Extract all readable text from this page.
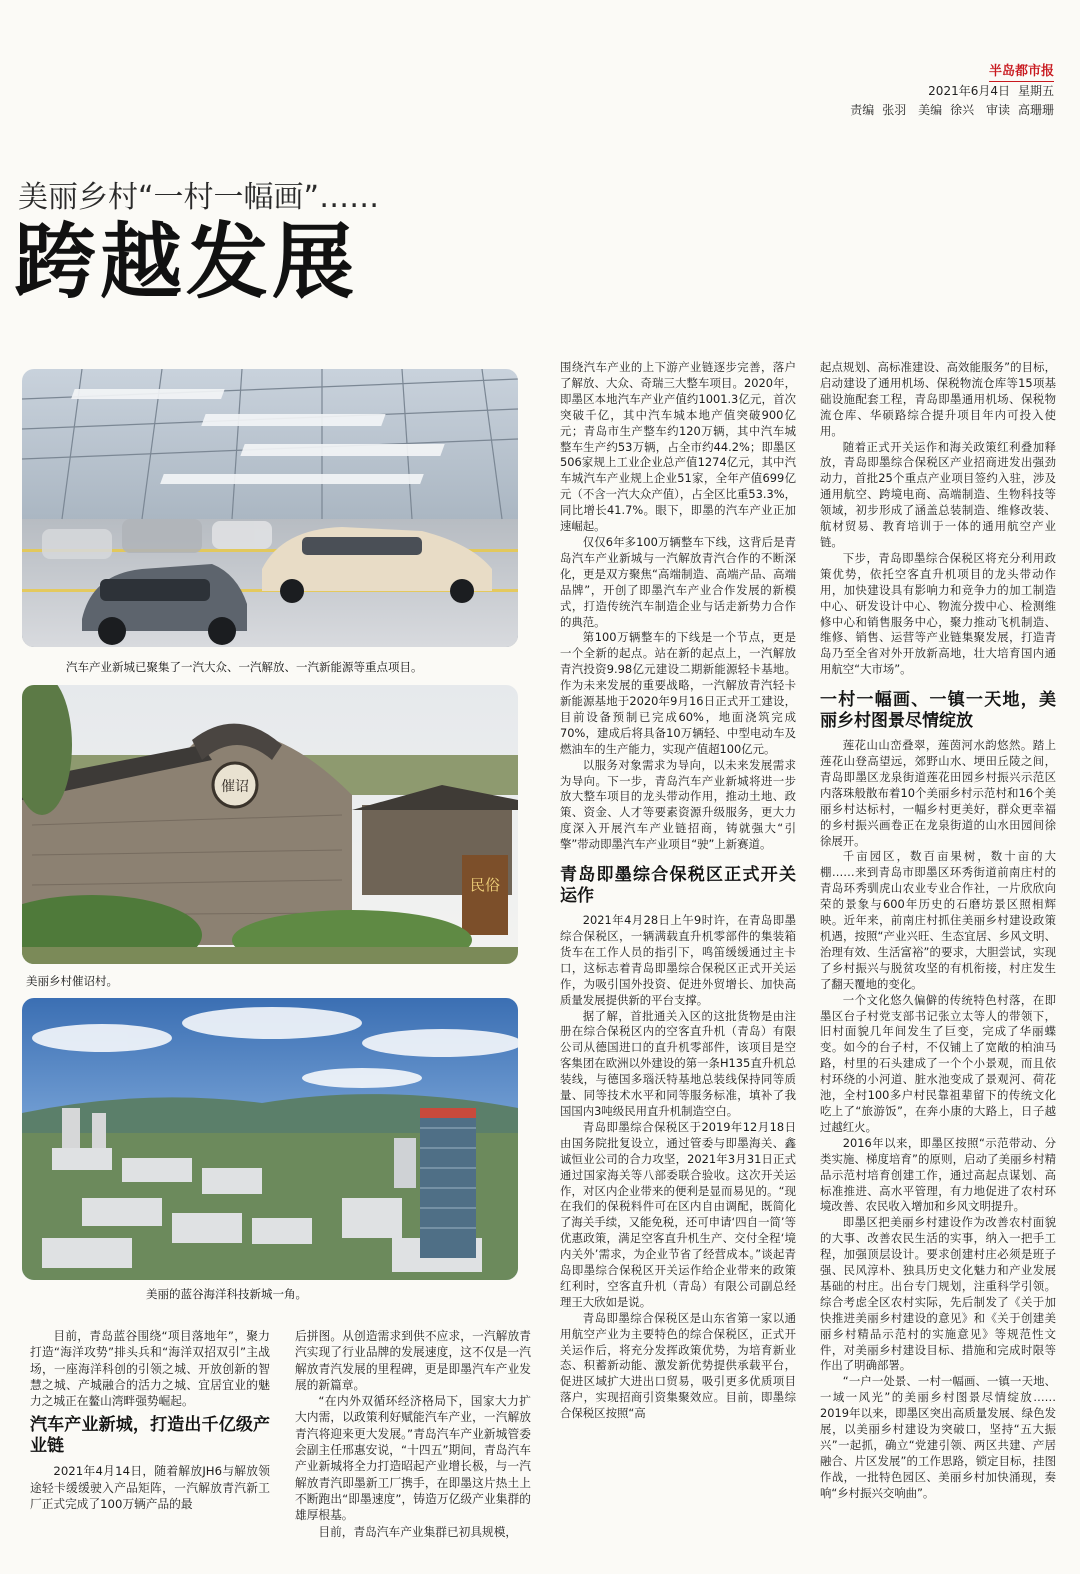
半岛都市报
2021年6月4日 星期五
责编 张羽 美编 徐兴 审读 高珊珊
美丽乡村“一村一幅画”……
跨越发展
汽车产业新城已聚集了一汽大众、一汽解放、一汽新能源等重点项目。
催诏
民俗
美丽乡村催诏村。
美丽的蓝谷海洋科技新城一角。

目前，青岛蓝谷围绕“项目落地年”，聚力打造“海洋攻势”排头兵和“海洋双招双引”主战场，一座海洋科创的引领之城、开放创新的智慧之城、产城融合的活力之城、宜居宜业的魅力之城正在鳌山湾畔强势崛起。

汽车产业新城，打造出千亿级产业链

2021年4月14日，随着解放JH6与解放领途轻卡缓缓驶入产品矩阵，一汽解放青汽新工厂正式完成了100万辆产品的最

后拼图。从创造需求到供不应求，一汽解放青汽实现了行业品牌的发展速度，这不仅是一汽解放青汽发展的里程碑，更是即墨汽车产业发展的新篇章。

“在内外双循环经济格局下，国家大力扩大内需，以政策利好赋能汽车产业，一汽解放青汽将迎来更大发展。”青岛汽车产业新城管委会副主任邢惠安说，“十四五”期间，青岛汽车产业新城将全力打造昭起产业增长极，与一汽解放青汽即墨新工厂携手，在即墨这片热土上不断跑出“即墨速度”，铸造万亿级产业集群的雄厚根基。

目前，青岛汽车产业集群已初具规模，

围绕汽车产业的上下游产业链逐步完善，落户了解放、大众、奇瑞三大整车项目。2020年，即墨区本地汽车产业产值约1001.3亿元，首次突破千亿，其中汽车城本地产值突破900亿元；青岛市生产整车约120万辆，其中汽车城整车生产约53万辆，占全市约44.2%；即墨区506家规上工业企业总产值1274亿元，其中汽车城汽车产业规上企业51家，全年产值699亿元（不含一汽大众产值），占全区比重53.3%，同比增长41.7%。眼下，即墨的汽车产业正加速崛起。

仅仅6年多100万辆整车下线，这背后是青岛汽车产业新城与一汽解放青汽合作的不断深化，更是双方聚焦“高端制造、高端产品、高端品牌”，开创了即墨汽车产业合作发展的新模式，打造传统汽车制造企业与话走新势力合作的典范。

第100万辆整车的下线是一个节点，更是一个全新的起点。站在新的起点上，一汽解放青汽投资9.98亿元建设二期新能源轻卡基地。作为未来发展的重要战略，一汽解放青汽轻卡新能源基地于2020年9月16日正式开工建设，目前设备预制已完成60%，地面浇筑完成70%，建成后将具备10万辆轻、中型电动车及燃油车的生产能力，实现产值超100亿元。

以服务对象需求为导向，以未来发展需求为导向。下一步，青岛汽车产业新城将进一步放大整车项目的龙头带动作用，推动土地、政策、资金、人才等要素资源升级服务，更大力度深入开展汽车产业链招商，铸就强大“引擎”带动即墨汽车产业项目“驶”上新赛道。

青岛即墨综合保税区正式开关运作

2021年4月28日上午9时许，在青岛即墨综合保税区，一辆满载直升机零部件的集装箱货车在工作人员的指引下，鸣笛缓缓通过主卡口，这标志着青岛即墨综合保税区正式开关运作，为吸引国外投资、促进外贸增长、加快高质量发展提供新的平台支撑。

据了解，首批通关入区的这批货物是由注册在综合保税区内的空客直升机（青岛）有限公司从德国进口的直升机零部件，该项目是空客集团在欧洲以外建设的第一条H135直升机总装线，与德国多瑙沃特基地总装线保持同等质量、同等技术水平和同等服务标准，填补了我国国内3吨级民用直升机制造空白。

青岛即墨综合保税区于2019年12月18日由国务院批复设立，通过管委与即墨海关、鑫诚恒业公司的合力攻坚，2021年3月31日正式通过国家海关等八部委联合验收。这次开关运作，对区内企业带来的便利是显而易见的。“现在我们的保税料件可在区内自由调配，既简化了海关手续，又能免税，还可申请‘四自一简’等优惠政策，满足空客直升机生产、交付全程‘境内关外’需求，为企业节省了经营成本。”谈起青岛即墨综合保税区开关运作给企业带来的政策红利时，空客直升机（青岛）有限公司副总经理王大欣如是说。

青岛即墨综合保税区是山东省第一家以通用航空产业为主要特色的综合保税区，正式开关运作后，将充分发挥政策优势，为培育新业态、积蓄新动能、激发新优势提供承载平台，促进区域扩大进出口贸易，吸引更多优质项目落户，实现招商引资集聚效应。目前，即墨综合保税区按照“高

起点规划、高标准建设、高效能服务”的目标，启动建设了通用机场、保税物流仓库等15项基础设施配套工程，青岛即墨通用机场、保税物流仓库、华硕路综合提升项目年内可投入使用。

随着正式开关运作和海关政策红利叠加释放，青岛即墨综合保税区产业招商进发出强劲动力，首批25个重点产业项目签约入驻，涉及通用航空、跨境电商、高端制造、生物科技等领域，初步形成了涵盖总装制造、维修改装、航材贸易、教育培训于一体的通用航空产业链。

下步，青岛即墨综合保税区将充分利用政策优势，依托空客直升机项目的龙头带动作用，加快建设具有影响力和竞争力的加工制造中心、研发设计中心、物流分拨中心、检测维修中心和销售服务中心，聚力推动飞机制造、维修、销售、运营等产业链集聚发展，打造青岛乃至全省对外开放新高地，壮大培育国内通用航空“大市场”。

一村一幅画、一镇一天地，美丽乡村图景尽情绽放

莲花山山峦叠翠，莲茵河水韵悠然。踏上莲花山登高望远，郊野山水、埂田丘陵之间，青岛即墨区龙泉街道莲花田园乡村振兴示范区内落珠般散布着10个美丽乡村示范村和16个美丽乡村达标村，一幅乡村更美好，群众更幸福的乡村振兴画卷正在龙泉街道的山水田园间徐徐展开。

千亩园区，数百亩果树，数十亩的大棚……来到青岛市即墨区环秀街道前南庄村的青岛环秀驯虎山农业专业合作社，一片欣欣向荣的景象与600年历史的石磨坊景区照相辉映。近年来，前南庄村抓住美丽乡村建设政策机遇，按照“产业兴旺、生态宜居、乡风文明、治理有效、生活富裕”的要求，大胆尝试，实现了乡村振兴与脱贫攻坚的有机衔接，村庄发生了翻天覆地的变化。

一个文化悠久偏僻的传统特色村落，在即墨区台子村党支部书记张立太等人的带领下，旧村面貌几年间发生了巨变，完成了华丽蝶变。如今的台子村，不仅铺上了宽敞的柏油马路，村里的石头建成了一个个小景观，而且依村环绕的小河道、脏水池变成了景观河、荷花池，全村100多户村民靠祖辈留下的传统文化吃上了“旅游饭”，在奔小康的大路上，日子越过越红火。

2016年以来，即墨区按照“示范带动、分类实施、梯度培育”的原则，启动了美丽乡村精品示范村培育创建工作，通过高起点谋划、高标准推进、高水平管理，有力地促进了农村环境改善、农民收入增加和乡风文明提升。

即墨区把美丽乡村建设作为改善农村面貌的大事、改善农民生活的实事，纳入一把手工程，加强顶层设计。要求创建村庄必须是班子强、民风淳朴、独具历史文化魅力和产业发展基础的村庄。出台专门规划，注重科学引领。综合考虑全区农村实际，先后制发了《关于加快推进美丽乡村建设的意见》和《关于创建美丽乡村精品示范村的实施意见》等规范性文件，对美丽乡村建设目标、措施和完成时限等作出了明确部署。

“一户一处景、一村一幅画、一镇一天地、一域一风光”的美丽乡村图景尽情绽放……2019年以来，即墨区突出高质量发展、绿色发展，以美丽乡村建设为突破口，坚持“五大振兴”一起抓，确立“党建引领、两区共建、产居融合、片区发展”的工作思路，锁定目标，挂图作战，一批特色园区、美丽乡村加快涌现，奏响“乡村振兴交响曲”。
